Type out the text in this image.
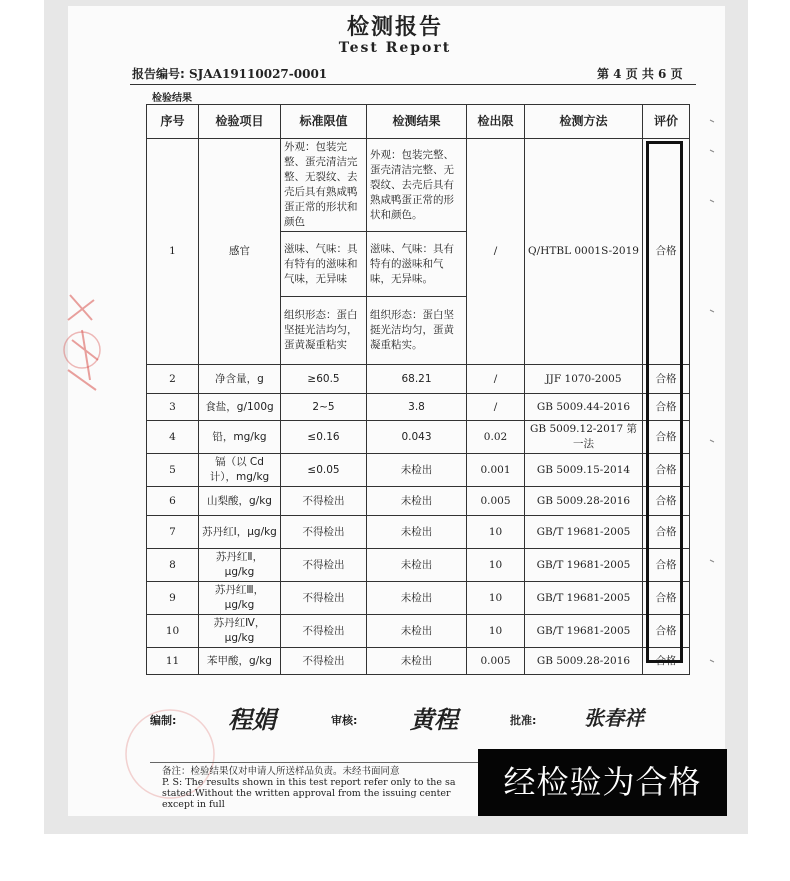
检测报告
Test Report
报告编号: SJAA19110027-0001	第 4 页 共 6 页
检验结果
序号	检验项目	标准限值	检测结果	检出限	检测方法	评价
1	感官	外观：包装完整、蛋壳清洁完整、无裂纹、去壳后具有熟咸鸭蛋正常的形状和颜色	外观：包装完整、蛋壳清洁完整、无裂纹、去壳后具有熟咸鸭蛋正常的形状和颜色。	/	Q/HTBL 0001S-2019	合格
		滋味、气味：具有特有的滋味和气味，无异味	滋味、气味：具有特有的滋味和气味，无异味。			
		组织形态：蛋白坚挺光洁均匀，蛋黄凝重粘实	组织形态：蛋白坚挺光洁均匀，蛋黄凝重粘实。			
2	净含量，g	≥60.5	68.21	/	JJF 1070-2005	合格
3	食盐，g/100g	2~5	3.8	/	GB 5009.44-2016	合格
4	铅，mg/kg	≤0.16	0.043	0.02	GB 5009.12-2017 第一法	合格
5	镉（以 Cd 计），mg/kg	≤0.05	未检出	0.001	GB 5009.15-2014	合格
6	山梨酸，g/kg	不得检出	未检出	0.005	GB 5009.28-2016	合格
7	苏丹红Ⅰ，μg/kg	不得检出	未检出	10	GB/T 19681-2005	合格
8	苏丹红Ⅱ，μg/kg	不得检出	未检出	10	GB/T 19681-2005	合格
9	苏丹红Ⅲ，μg/kg	不得检出	未检出	10	GB/T 19681-2005	合格
10	苏丹红Ⅳ，μg/kg	不得检出	未检出	10	GB/T 19681-2005	合格
11	苯甲酸，g/kg	不得检出	未检出	0.005	GB 5009.28-2016	合格
编制: 程娟	审核: 黄程	批准: 张春祥
备注：检验结果仅对申请人所送样品负责。未经书面同意
P. S: The results shown in this test report refer only to the sa
stated.Without the written approval from the issuing center
except in full
经检验为合格
